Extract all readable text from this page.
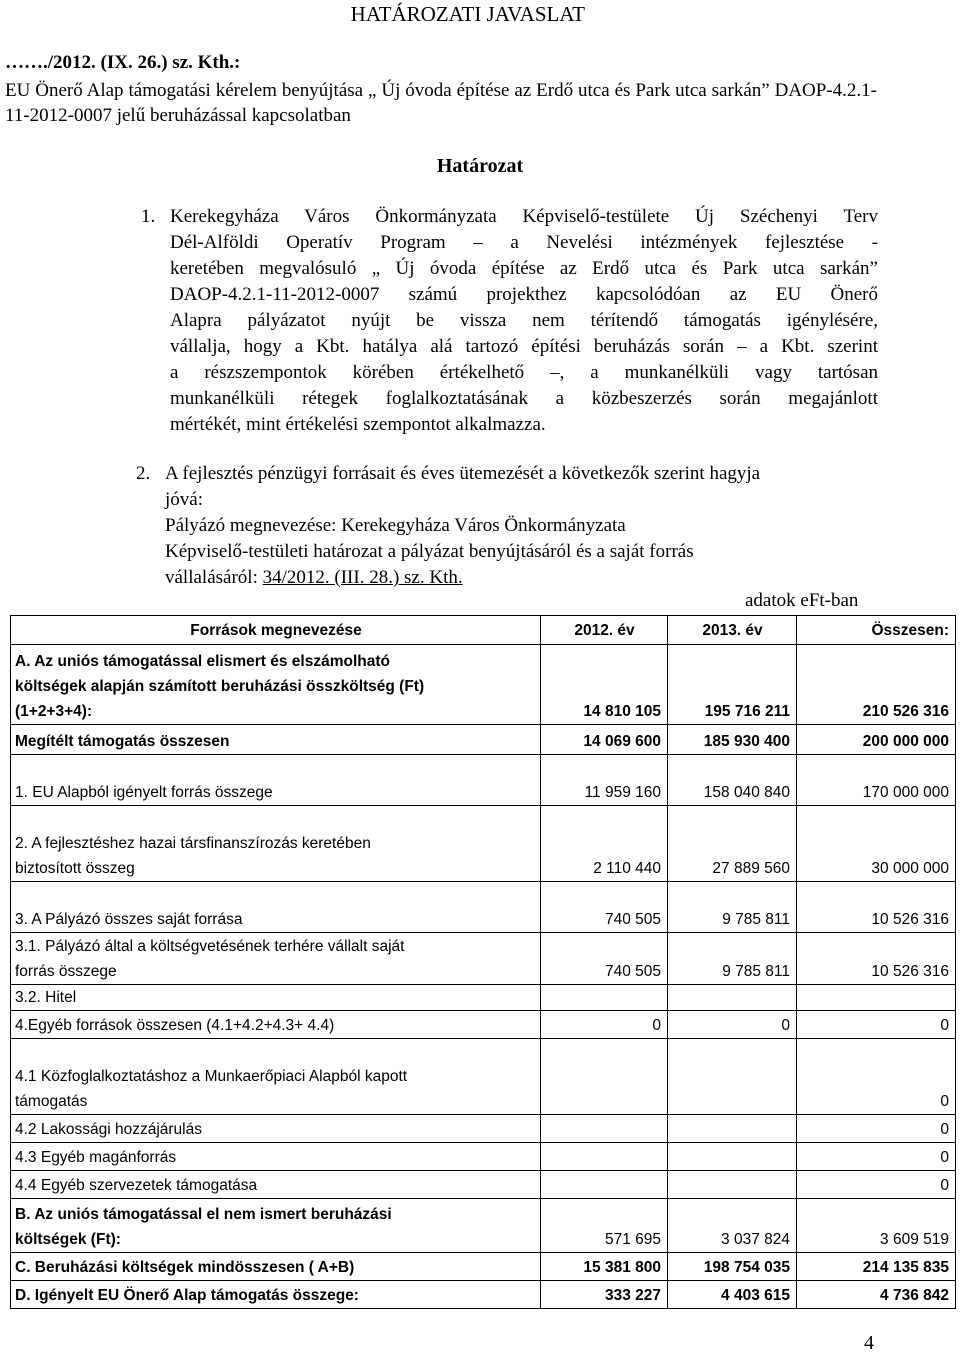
HATÁROZATI JAVASLAT
……./2012. (IX. 26.) sz. Kth.:
EU Önerő Alap támogatási kérelem benyújtása „ Új óvoda építése az Erdő utca és Park utca sarkán” DAOP-4.2.1-11-2012-0007 jelű beruházással kapcsolatban
Határozat
1. Kerekegyháza Város Önkormányzata Képviselő-testülete Új Széchenyi Terv
Dél-Alföldi Operatív Program – a Nevelési intézmények fejlesztése -
keretében megvalósuló „ Új óvoda építése az Erdő utca és Park utca sarkán”
DAOP-4.2.1-11-2012-0007 számú projekthez kapcsolódóan az EU Önerő
Alapra pályázatot nyújt be vissza nem térítendő támogatás igénylésére,
vállalja, hogy a Kbt. hatálya alá tartozó építési beruházás során – a Kbt. szerint
a részszempontok körében értékelhető –, a munkanélküli vagy tartósan
munkanélküli rétegek foglalkoztatásának a közbeszerzés során megajánlott
mértékét, mint értékelési szempontot alkalmazza.
2. A fejlesztés pénzügyi forrásait és éves ütemezését a következők szerint hagyja
jóvá:
Pályázó megnevezése: Kerekegyháza Város Önkormányzata
Képviselő-testületi határozat a pályázat benyújtásáról és a saját forrás
vállalásáról: 34/2012. (III. 28.) sz. Kth.
adatok eFt-ban
Források megnevezése	2012. év	2013. év	Összesen:
A. Az uniós támogatással elismert és elszámolható
költségek alapján számított beruházási összköltség (Ft)
(1+2+3+4):	14 810 105	195 716 211	210 526 316
Megítélt támogatás összesen	14 069 600	185 930 400	200 000 000

1. EU Alapból igényelt forrás összege	11 959 160	158 040 840	170 000 000

2. A fejlesztéshez hazai társfinanszírozás keretében
biztosított összeg	2 110 440	27 889 560	30 000 000

3. A Pályázó összes saját forrása	740 505	9 785 811	10 526 316
3.1. Pályázó által a költségvetésének terhére vállalt saját
forrás összege	740 505	9 785 811	10 526 316
3.2. Hitel			
4.Egyéb források összesen (4.1+4.2+4.3+ 4.4)	0	0	0

4.1 Közfoglalkoztatáshoz a Munkaerőpiaci Alapból kapott
támogatás			0
4.2 Lakossági hozzájárulás			0
4.3 Egyéb magánforrás			0
4.4 Egyéb szervezetek támogatása			0
B. Az uniós támogatással el nem ismert beruházási
költségek (Ft):	571 695	3 037 824	3 609 519
C. Beruházási költségek mindösszesen ( A+B)	15 381 800	198 754 035	214 135 835
D. Igényelt EU Önerő Alap támogatás összege:	333 227	4 403 615	4 736 842
4
